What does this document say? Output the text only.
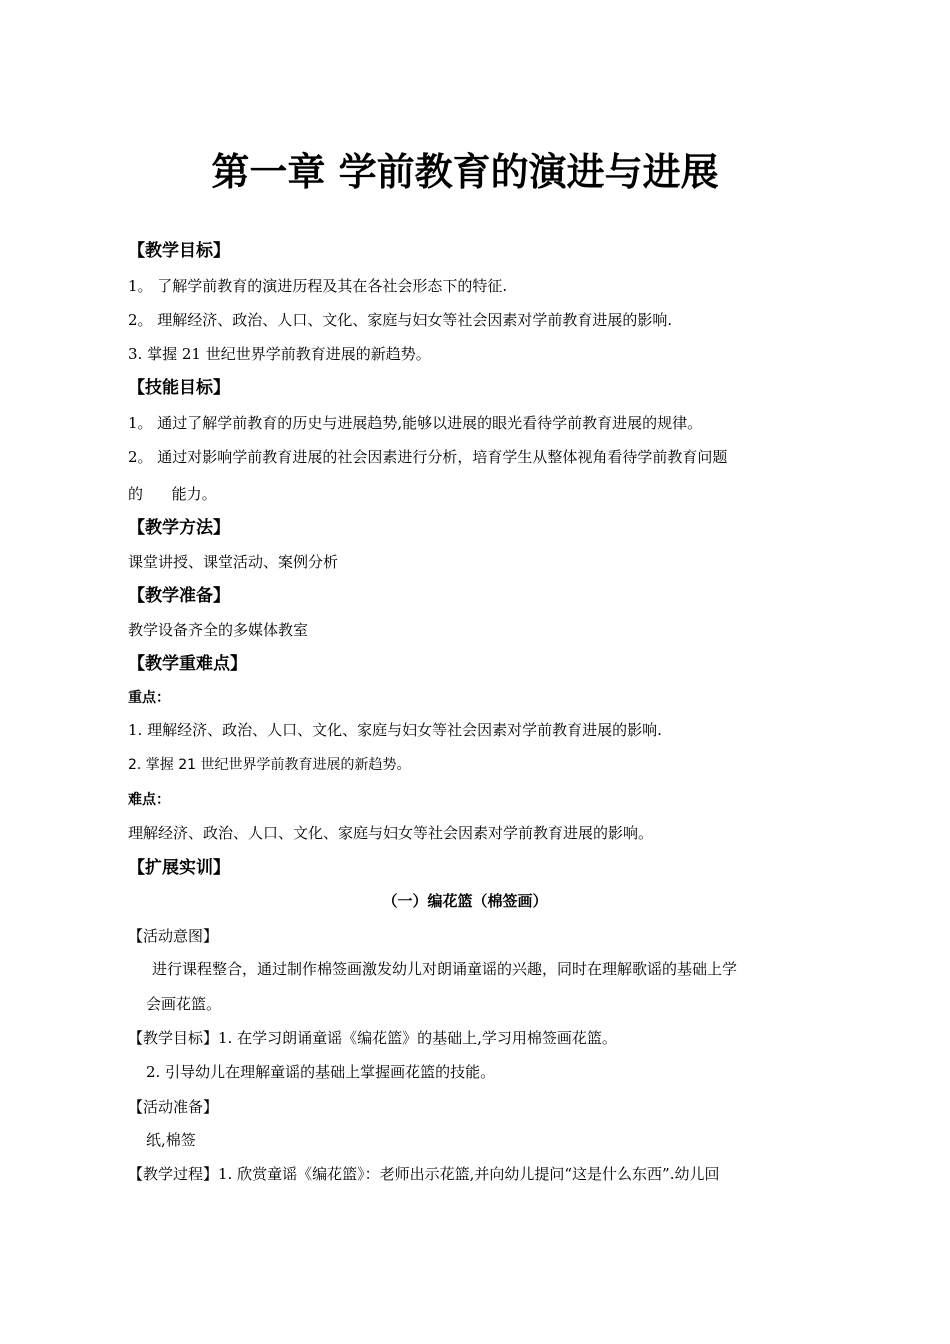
第一章 学前教育的演进与进展
【教学目标】
1。 了解学前教育的演进历程及其在各社会形态下的特征.
2。 理解经济、政治、人口、文化、家庭与妇女等社会因素对学前教育进展的影响.
3. 掌握 21 世纪世界学前教育进展的新趋势。
【技能目标】
1。 通过了解学前教育的历史与进展趋势,能够以进展的眼光看待学前教育进展的规律。
2。 通过对影响学前教育进展的社会因素进行分析，培育学生从整体视角看待学前教育问题
的      能力。
【教学方法】
课堂讲授、课堂活动、案例分析
【教学准备】
教学设备齐全的多媒体教室
【教学重难点】
重点：
1. 理解经济、政治、人口、文化、家庭与妇女等社会因素对学前教育进展的影响.
2. 掌握 21 世纪世界学前教育进展的新趋势。
难点：
理解经济、政治、人口、文化、家庭与妇女等社会因素对学前教育进展的影响。
【扩展实训】
（一）编花篮（棉签画）
【活动意图】
进行课程整合，通过制作棉签画激发幼儿对朗诵童谣的兴趣，同时在理解歌谣的基础上学
会画花篮。
【教学目标】1. 在学习朗诵童谣《编花篮》的基础上,学习用棉签画花篮。
2. 引导幼儿在理解童谣的基础上掌握画花篮的技能。
【活动准备】
纸,棉签
【教学过程】1. 欣赏童谣《编花篮》：老师出示花篮,并向幼儿提问“这是什么东西”.幼儿回
